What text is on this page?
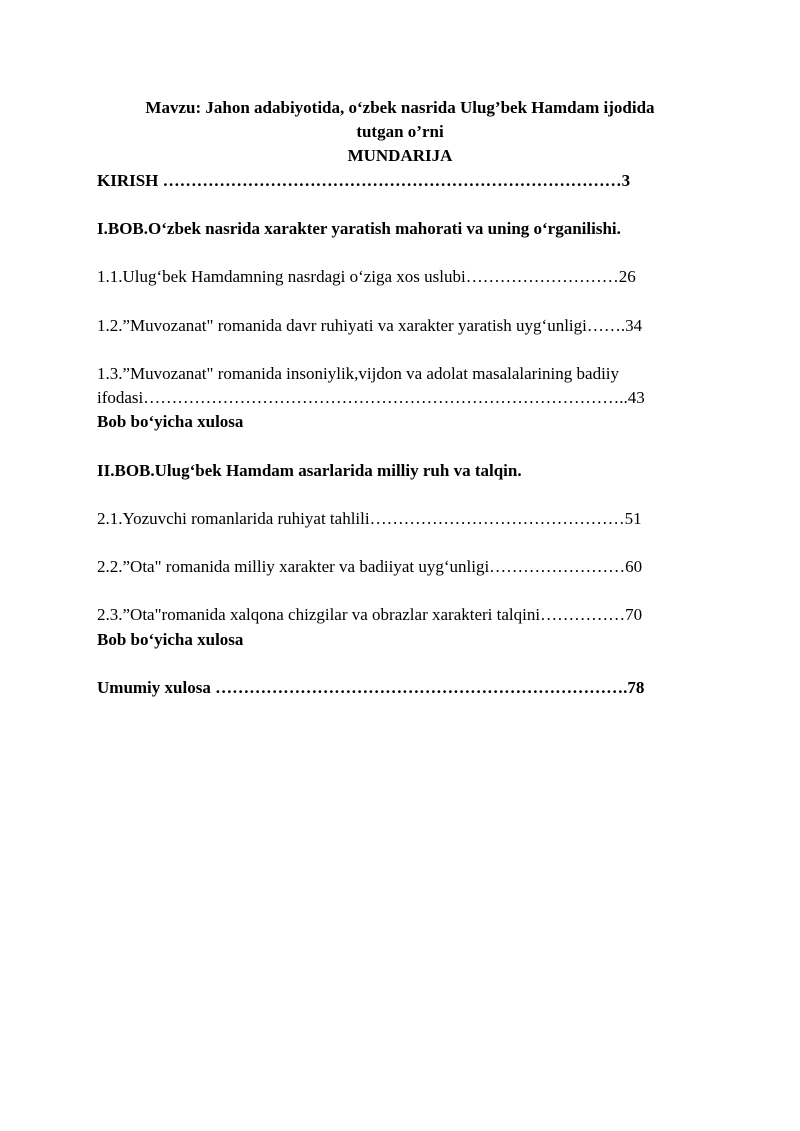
Mavzu: Jahon adabiyotida, o‘zbek nasrida Ulug’bek Hamdam ijodida
tutgan o’rni
MUNDARIJA
KIRISH ………………………………………………………………………3
I.BOB.O‘zbek nasrida xarakter yaratish mahorati va uning o‘rganilishi.
1.1.Ulug‘bek Hamdamning nasrdagi o‘ziga xos uslubi………………………26
1.2.”Muvozanat" romanida davr ruhiyati va xarakter yaratish uyg‘unligi…….34
1.3.”Muvozanat" romanida insoniylik,vijdon va adolat masalalarining badiiy
ifodasi…………………………………………………………………………..43
Bob bo‘yicha xulosa
II.BOB.Ulug‘bek Hamdam asarlarida milliy ruh va talqin.
2.1.Yozuvchi romanlarida ruhiyat tahlili………………………………………51
2.2.”Ota" romanida milliy xarakter va badiiyat uyg‘unligi……………………60
2.3.”Ota"romanida xalqona chizgilar va obrazlar xarakteri talqini……………70
Bob bo‘yicha xulosa
Umumiy xulosa ……………………………………………………………….78
